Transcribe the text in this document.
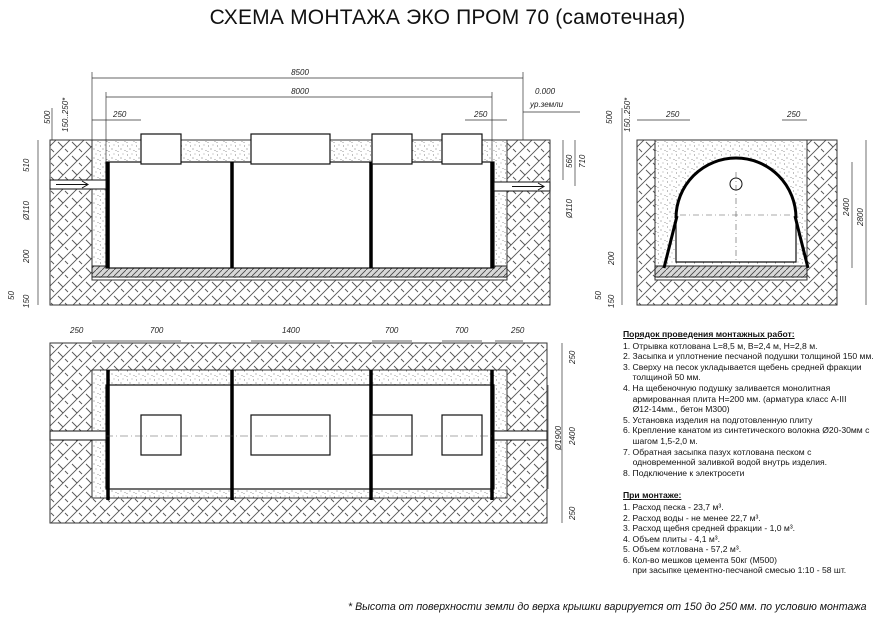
СХЕМА МОНТАЖА ЭКО ПРОМ 70 (самотечная)
8500
8000	0.000
ур.земли
250	250
500 150..250*
510
Ø110
200
50 150
560 710
Ø110
500 150..250*	250	250
2400
2800
200
50 150
250	700	1400	700	700	250
250
Ø1900 2400
250
Порядок проведения монтажных работ:
1. Отрывка котлована L=8,5 м, В=2,4 м, Н=2,8 м.
2. Засыпка и уплотнение песчаной подушки толщиной 150 мм.
3. Сверху на песок укладывается щебень средней фракции
толщиной 50 мм.
4. На щебеночную подушку заливается монолитная
армированная плита Н=200 мм. (арматура класс A-III
Ø12-14мм., бетон М300)
5. Установка изделия на подготовленную плиту
6. Крепление канатом из синтетического волокна Ø20-30мм с
шагом 1,5-2,0 м.
7. Обратная засыпка пазух котлована песком с
одновременной заливкой водой внутрь изделия.
8. Подключение к электросети
При монтаже:
1. Расход песка - 23,7 м³.
2. Расход воды - не менее 22,7 м³.
3. Расход щебня средней фракции - 1,0 м³.
4. Объем плиты - 4,1 м³.
5. Объем котлована - 57,2 м³.
6. Кол-во мешков цемента 50кг (М500)
при засыпке цементно-песчаной смесью 1:10 - 58 шт.
* Высота от поверхности земли до верха крышки варируется от 150 до 250 мм. по условию монтажа
